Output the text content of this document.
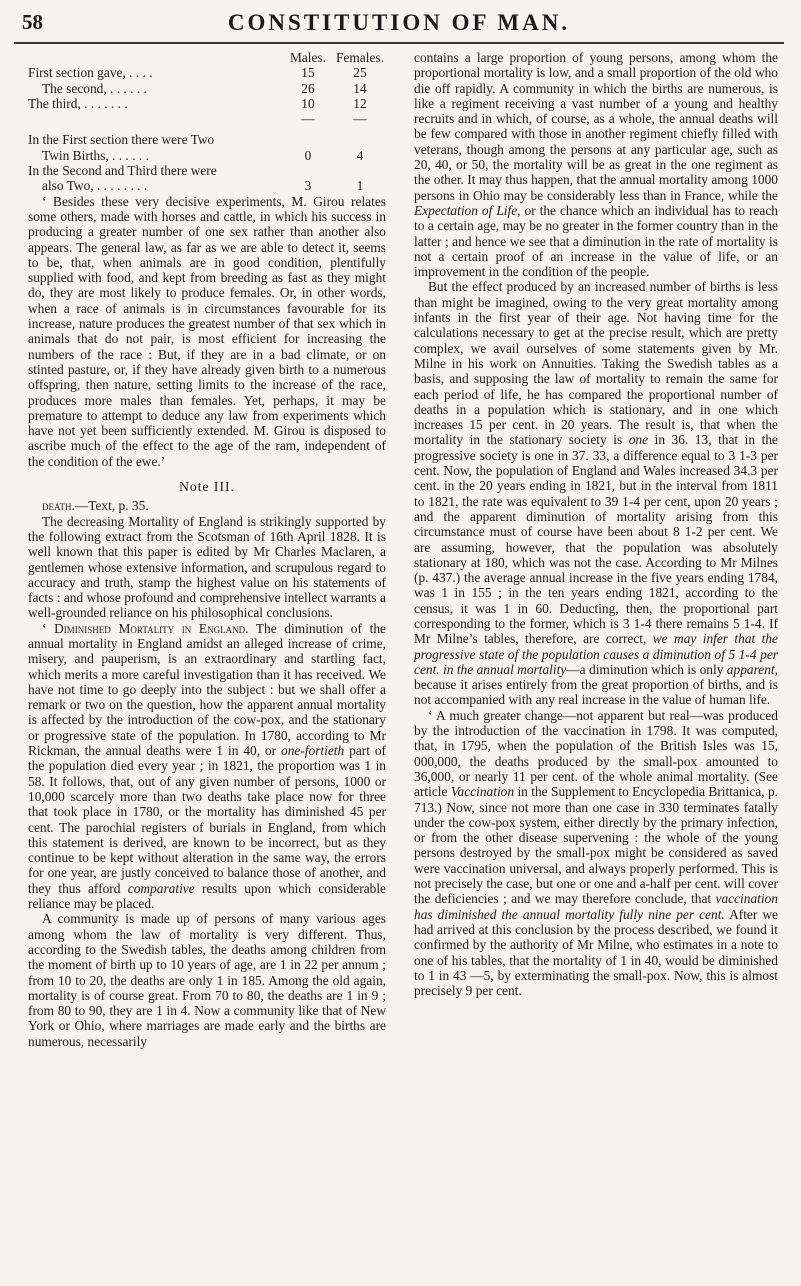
58	CONSTITUTION OF MAN.
	Males.	Females.
First section gave, . . . .	15	25
The second, . . . . . .	26	14
The third, . . . . . . .	10	12
	—	—

In the First section there were Two		
Twin Births, . . . . . .	0	4
In the Second and Third there were		
also Two, . . . . . . . .	3	1

‘ Besides these very decisive experiments, M. Girou relates some others, made with horses and cattle, in which his success in producing a greater number of one sex rather than another also appears. The general law, as far as we are able to detect it, seems to be, that, when animals are in good condition, plentifully supplied with food, and kept from breeding as fast as they might do, they are most likely to produce females. Or, in other words, when a race of animals is in circumstances favourable for its increase, nature produces the greatest number of that sex which in animals that do not pair, is most efficient for increasing the numbers of the race : But, if they are in a bad climate, or on stinted pasture, or, if they have already given birth to a numerous offspring, then nature, setting limits to the increase of the race, produces more males than females. Yet, perhaps, it may be premature to attempt to deduce any law from experiments which have not yet been sufficiently extended. M. Girou is disposed to ascribe much of the effect to the age of the ram, independent of the condition of the ewe.’

Note III.

death.—Text, p. 35.

The decreasing Mortality of England is strikingly supported by the following extract from the Scotsman of 16th April 1828. It is well known that this paper is edited by Mr Charles Maclaren, a gentlemen whose extensive information, and scrupulous regard to accuracy and truth, stamp the highest value on his statements of facts : and whose profound and comprehensive intellect warrants a well-grounded reliance on his philosophical conclusions.

‘ Diminished Mortality in England. The diminution of the annual mortality in England amidst an alleged increase of crime, misery, and pauperism, is an extraordinary and startling fact, which merits a more careful investigation than it has received. We have not time to go deeply into the subject : but we shall offer a remark or two on the question, how the apparent annual mortality is affected by the introduction of the cow-pox, and the stationary or progressive state of the population. In 1780, according to Mr Rickman, the annual deaths were 1 in 40, or one-fortieth part of the population died every year ; in 1821, the proportion was 1 in 58. It follows, that, out of any given number of persons, 1000 or 10,000 scarcely more than two deaths take place now for three that took place in 1780, or the mortality has diminished 45 per cent. The parochial registers of burials in England, from which this statement is derived, are known to be incorrect, but as they continue to be kept without alteration in the same way, the errors for one year, are justly conceived to balance those of another, and they thus afford comparative results upon which considerable reliance may be placed.

A community is made up of persons of many various ages among whom the law of mortality is very different. Thus, according to the Swedish tables, the deaths among children from the moment of birth up to 10 years of age, are 1 in 22 per annum ; from 10 to 20, the deaths are only 1 in 185. Among the old again, mortality is of course great. From 70 to 80, the deaths are 1 in 9 ; from 80 to 90, they are 1 in 4. Now a community like that of New York or Ohio, where marriages are made early and the births are numerous, necessarily

contains a large proportion of young persons, among whom the proportional mortality is low, and a small proportion of the old who die off rapidly. A community in which the births are numerous, is like a regiment receiving a vast number of a young and healthy recruits and in which, of course, as a whole, the annual deaths will be few compared with those in another regiment chiefly filled with veterans, though among the persons at any particular age, such as 20, 40, or 50, the mortality will be as great in the one regiment as the other. It may thus happen, that the annual mortality among 1000 persons in Ohio may be considerably less than in France, while the Expectation of Life, or the chance which an individual has to reach to a certain age, may be no greater in the former country than in the latter ; and hence we see that a diminution in the rate of mortality is not a certain proof of an increase in the value of life, or an improvement in the condition of the people.

But the effect produced by an increased number of births is less than might be imagined, owing to the very great mortality among infants in the first year of their age. Not having time for the calculations necessary to get at the precise result, which are pretty complex, we avail ourselves of some statements given by Mr. Milne in his work on Annuities. Taking the Swedish tables as a basis, and supposing the law of mortality to remain the same for each period of life, he has compared the proportional number of deaths in a population which is stationary, and in one which increases 15 per cent. in 20 years. The result is, that when the mortality in the stationary society is one in 36. 13, that in the progressive society is one in 37. 33, a difference equal to 3 1-3 per cent. Now, the population of England and Wales increased 34.3 per cent. in the 20 years ending in 1821, but in the interval from 1811 to 1821, the rate was equivalent to 39 1-4 per cent, upon 20 years ; and the apparent diminution of mortality arising from this circumstance must of course have been about 8 1-2 per cent. We are assuming, however, that the population was absolutely stationary at 180, which was not the case. According to Mr Milnes (p. 437.) the average annual increase in the five years ending 1784, was 1 in 155 ; in the ten years ending 1821, according to the census, it was 1 in 60. Deducting, then, the proportional part corresponding to the former, which is 3 1-4 there remains 5 1-4. If Mr Milne’s tables, therefore, are correct, we may infer that the progressive state of the population causes a diminution of 5 1-4 per cent. in the annual mortality—a diminution which is only apparent, because it arises entirely from the great proportion of births, and is not accompanied with any real increase in the value of human life.

‘ A much greater change—not apparent but real—was produced by the introduction of the vaccination in 1798. It was computed, that, in 1795, when the population of the British Isles was 15, 000,000, the deaths produced by the small-pox amounted to 36,000, or nearly 11 per cent. of the whole animal mortality. (See article Vaccination in the Supplement to Encyclopedia Brittanica, p. 713.) Now, since not more than one case in 330 terminates fatally under the cow-pox system, either directly by the primary infection, or from the other disease supervening : the whole of the young persons destroyed by the small-pox might be considered as saved were vaccination universal, and always properly performed. This is not precisely the case, but one or one and a-half per cent. will cover the deficiencies ; and we may therefore conclude, that vaccination has diminished the annual mortality fully nine per cent. After we had arrived at this conclusion by the process described, we found it confirmed by the authority of Mr Milne, who estimates in a note to one of his tables, that the mortality of 1 in 40, would be diminished to 1 in 43 —5, by exterminating the small-pox. Now, this is almost precisely 9 per cent.
